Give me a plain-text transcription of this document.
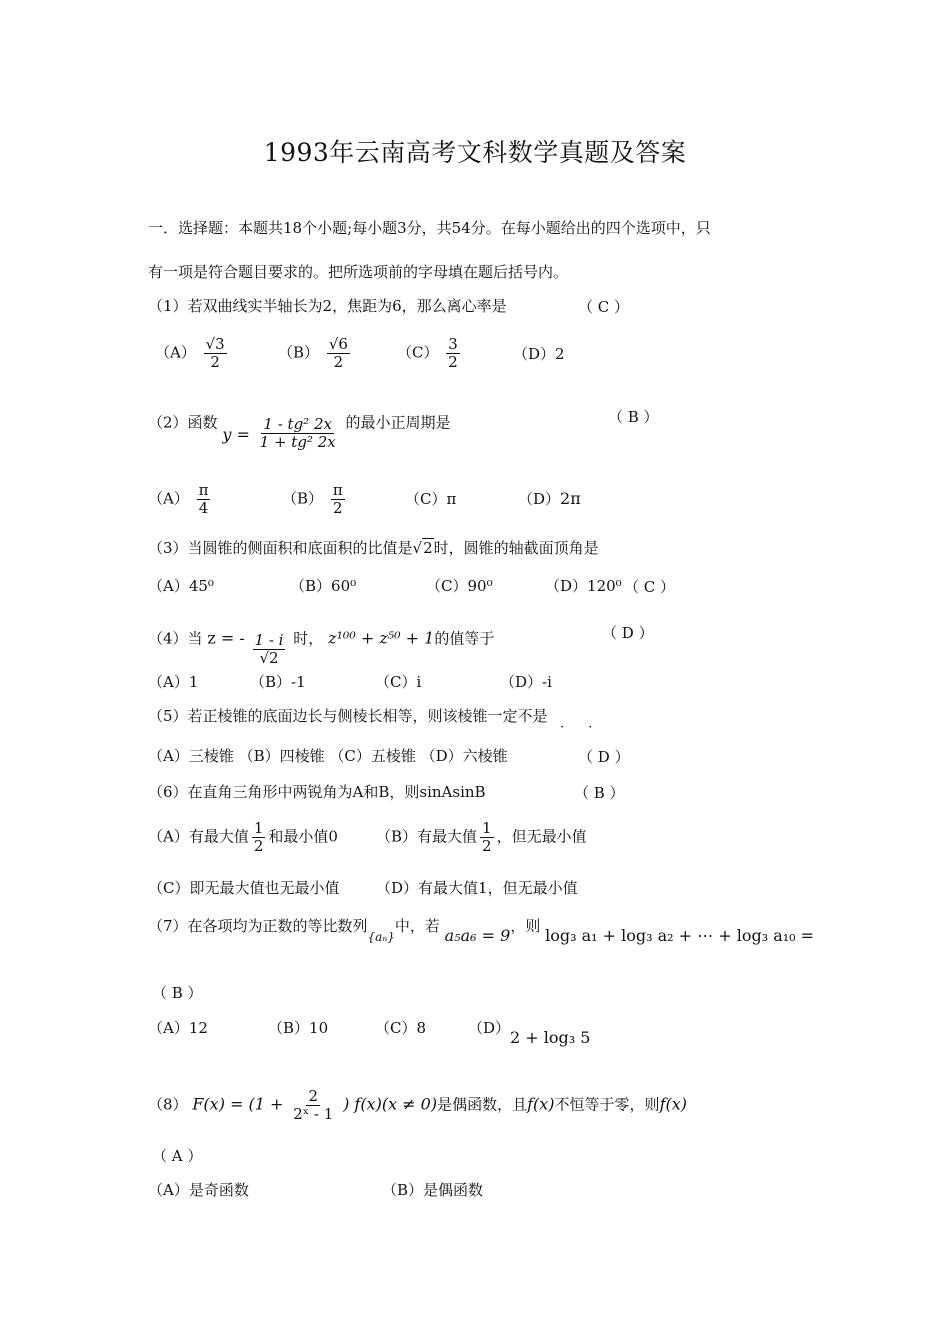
1993年云南高考文科数学真题及答案
一．选择题：本题共18个小题;每小题3分，共54分。在每小题给出的四个选项中，只
有一项是符合题目要求的。把所选项前的字母填在题后括号内。
（1）若双曲线实半轴长为2，焦距为6，那么离心率是	（ C ）
$(A) \frac{√3}{2}$	$(B) \frac{√6}{2}$	$(C) \frac{3}{2}$	（D）2
（2）函数 $y = \frac{\text{1 - tg² 2x}}{\text{1 + tg² 2x}}$ 的最小正周期是	（ B ）
$(A) \frac{\pi}{4}$	$(B) \frac{\pi}{2}$	（C）π	（D）2π
（3）当圆锥的侧面积和底面积的比值是√2时，圆锥的轴截面顶角是
（A）45⁰	（B）60⁰	（C）90⁰	（D）120⁰ （ C ）
（4）当 z = - $\frac{1 - i}{√2}$ 时， z¹⁰⁰ + z⁵⁰ + 1的值等于	（ D ）
（A）1	（B）-1	（C）i	（D）-i
（5）若正棱锥的底面边长与侧棱长相等，则该棱锥一定不是
· ·
（A）三棱锥 （B）四棱锥 （C）五棱锥 （D）六棱锥	（ D ）
（6）在直角三角形中两锐角为A和B，则sinAsinB	（ B ）
（A）有最大值 $\frac{1}{2}$ 和最小值0	（B）有最大值 $\frac{1}{2}$ ，但无最小值
（C）即无最大值也无最小值 （D）有最大值1，但无最小值
（7）在各项均为正数的等比数列$_{\{a_n\}}$中，若 a₅a₆ = 9，则 log₃ a₁ + log₃ a₂ + ⋯ + log₃ a₁₀ =
（ B ）
（A）12	（B）10	（C）8	（D）2 + log₃ 5
（8） $F(x) = (1 + \frac{2}{\text{2ˣ - 1}}$ ) f(x)(x ≠ 0)是偶函数，且f(x)不恒等于零，则f(x)
（ A ）
（A）是奇函数	（B）是偶函数
